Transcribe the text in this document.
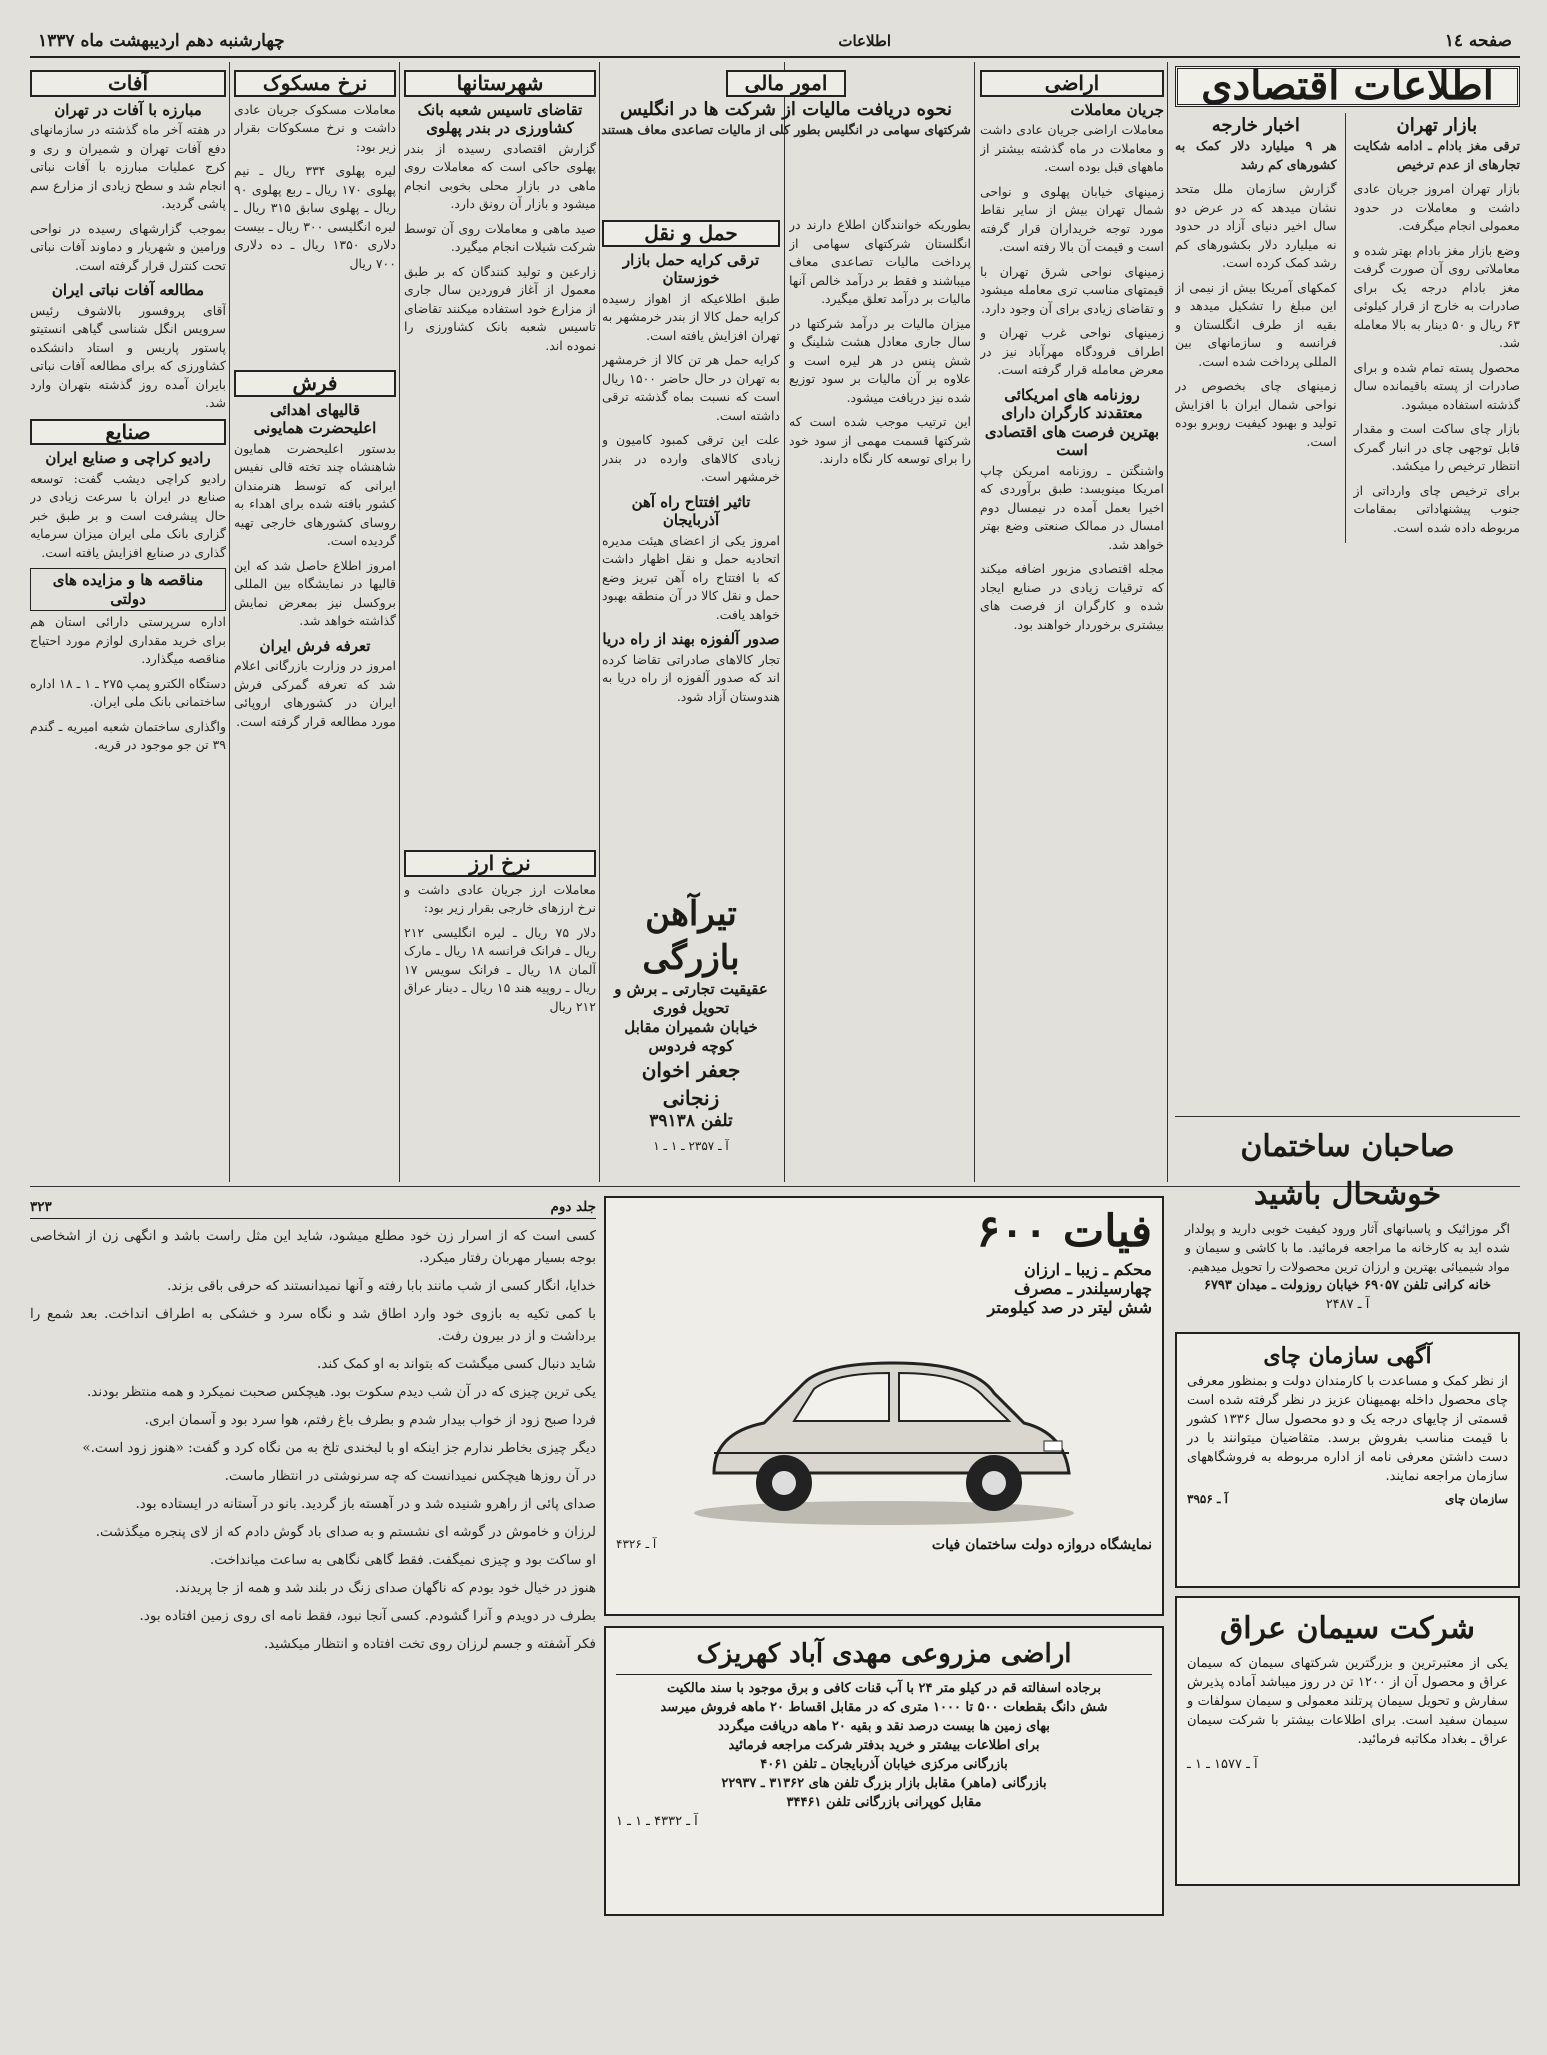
صفحه ١٤
اطلاعات
چهارشنبه دهم اردیبهشت ماه ١٣٣٧
اطلاعات اقتصادی
بازار تهران
ترقی مغز بادام ـ ادامه شکایت تجارهای از عدم ترخیص
بازار تهران امروز جریان عادی داشت و معاملات در حدود معمولی انجام میگرفت.
وضع بازار مغز بادام بهتر شده و معاملاتی روی آن صورت گرفت مغز بادام درجه یک برای صادرات به خارج از قرار کیلوئی ۶۳ ریال و ۵۰ دینار به بالا معامله شد.
محصول پسته تمام شده و برای صادرات از پسته باقیمانده سال گذشته استفاده میشود.
بازار چای ساکت است و مقدار قابل توجهی چای در انبار گمرک انتظار ترخیص را میکشد.
برای ترخیص چای وارداتی از جنوب پیشنهاداتی بمقامات مربوطه داده شده است.
اخبار خارجه
هر ۹ میلیارد دلار کمک به کشورهای کم رشد
گزارش سازمان ملل متحد نشان میدهد که در عرض دو سال اخیر دنیای آزاد در حدود نه میلیارد دلار بکشورهای کم رشد کمک کرده است.
کمکهای آمریکا بیش از نیمی از این مبلغ را تشکیل میدهد و بقیه از طرف انگلستان و فرانسه و سازمانهای بین المللی پرداخت شده است.
زمینهای چای بخصوص در نواحی شمال ایران با افزایش تولید و بهبود کیفیت روبرو بوده است.
اراضی
جریان معاملات
معاملات اراضی جریان عادی داشت و معاملات در ماه گذشته بیشتر از ماههای قبل بوده است.
زمینهای خیابان پهلوی و نواحی شمال تهران بیش از سایر نقاط مورد توجه خریداران قرار گرفته است و قیمت آن بالا رفته است.
زمینهای نواحی شرق تهران با قیمتهای مناسب تری معامله میشود و تقاضای زیادی برای آن وجود دارد.
زمینهای نواحی غرب تهران و اطراف فرودگاه مهرآباد نیز در معرض معامله قرار گرفته است.
روزنامه های امریکائی معتقدند کارگران دارای بهترین فرصت های اقتصادی است
واشنگتن ـ روزنامه امریکن چاپ امریکا مینویسد: طبق برآوردی که اخیرا بعمل آمده در نیمسال دوم امسال در ممالک صنعتی وضع بهتر خواهد شد.
مجله اقتصادی مزبور اضافه میکند که ترقیات زیادی در صنایع ایجاد شده و کارگران از فرصت های بیشتری برخوردار خواهند بود.
امور مالی
نحوه دریافت مالیات از شرکت ها در انگلیس
شرکتهای سهامی در انگلیس بطور کلی از مالیات تصاعدی معاف هستند
بطوریکه خوانندگان اطلاع دارند در انگلستان شرکتهای سهامی از پرداخت مالیات تصاعدی معاف میباشند و فقط بر درآمد خالص آنها مالیات بر درآمد تعلق میگیرد.
میزان مالیات بر درآمد شرکتها در سال جاری معادل هشت شلینگ و شش پنس در هر لیره است و علاوه بر آن مالیات بر سود توزیع شده نیز دریافت میشود.
این ترتیب موجب شده است که شرکتها قسمت مهمی از سود خود را برای توسعه کار نگاه دارند.
حمل و نقل
ترقی کرایه حمل بازار خوزستان
طبق اطلاعیکه از اهواز رسیده کرایه حمل کالا از بندر خرمشهر به تهران افزایش یافته است.
کرایه حمل هر تن کالا از خرمشهر به تهران در حال حاضر ۱۵۰۰ ریال است که نسبت بماه گذشته ترقی داشته است.
علت این ترقی کمبود کامیون و زیادی کالاهای وارده در بندر خرمشهر است.
تاثیر افتتاح راه آهن آذربایجان
امروز یکی از اعضای هیئت مدیره اتحادیه حمل و نقل اظهار داشت که با افتتاح راه آهن تبریز وضع حمل و نقل کالا در آن منطقه بهبود خواهد یافت.
صدور آلفوزه بهند از راه دریا
تجار کالاهای صادراتی تقاضا کرده اند که صدور آلفوزه از راه دریا به هندوستان آزاد شود.
تیرآهن بازرگی
عقیقیت تجارتی ـ برش و تحویل فوری
خیابان شمیران مقابل کوچه فردوس
جعفر اخوان زنجانی
تلفن ۳۹۱۳۸
آ ـ ۲۳۵۷ ـ ۱ ـ ۱
شهرستانها
تقاضای تاسیس شعبه بانک کشاورزی در بندر پهلوی
گزارش اقتصادی رسیده از بندر پهلوی حاکی است که معاملات روی ماهی در بازار محلی بخوبی انجام میشود و بازار آن رونق دارد.
صید ماهی و معاملات روی آن توسط شرکت شیلات انجام میگیرد.
زارعین و تولید کنندگان که بر طبق معمول از آغاز فروردین سال جاری از مزارع خود استفاده میکنند تقاضای تاسیس شعبه بانک کشاورزی را نموده اند.
نرخ ارز
معاملات ارز جریان عادی داشت و نرخ ارزهای خارجی بقرار زیر بود:
دلار ۷۵ ریال ـ لیره انگلیسی ۲۱۲ ریال ـ فرانک فرانسه ۱۸ ریال ـ مارک آلمان ۱۸ ریال ـ فرانک سویس ۱۷ ریال ـ روپیه هند ۱۵ ریال ـ دینار عراق ۲۱۲ ریال
نرخ مسکوک
معاملات مسکوک جریان عادی داشت و نرخ مسکوکات بقرار زیر بود:
لیره پهلوی ۳۳۴ ریال ـ نیم پهلوی ۱۷۰ ریال ـ ربع پهلوی ۹۰ ریال ـ پهلوی سابق ۳۱۵ ریال ـ لیره انگلیسی ۳۰۰ ریال ـ بیست دلاری ۱۳۵۰ ریال ـ ده دلاری ۷۰۰ ریال
فرش
قالیهای اهدائی اعلیحضرت همایونی
بدستور اعلیحضرت همایون شاهنشاه چند تخته قالی نفیس ایرانی که توسط هنرمندان کشور بافته شده برای اهداء به روسای کشورهای خارجی تهیه گردیده است.
امروز اطلاع حاصل شد که این قالیها در نمایشگاه بین المللی بروکسل نیز بمعرض نمایش گذاشته خواهد شد.
تعرفه فرش ایران
امروز در وزارت بازرگانی اعلام شد که تعرفه گمرکی فرش ایران در کشورهای اروپائی مورد مطالعه قرار گرفته است.
آفات
مبارزه با آفات در تهران
در هفته آخر ماه گذشته در سازمانهای دفع آفات تهران و شمیران و ری و کرج عملیات مبارزه با آفات نباتی انجام شد و سطح زیادی از مزارع سم پاشی گردید.
بموجب گزارشهای رسیده در نواحی ورامین و شهریار و دماوند آفات نباتی تحت کنترل قرار گرفته است.
مطالعه آفات نباتی ایران
آقای پروفسور بالاشوف رئیس سرویس انگل شناسی گیاهی انستیتو پاستور پاریس و استاد دانشکده کشاورزی که برای مطالعه آفات نباتی بایران آمده روز گذشته بتهران وارد شد.
صنایع
رادیو کراچی و صنایع ایران
رادیو کراچی دیشب گفت: توسعه صنایع در ایران با سرعت زیادی در حال پیشرفت است و بر طبق خبر گزاری بانک ملی ایران میزان سرمایه گذاری در صنایع افزایش یافته است.
مناقصه ها و مزایده های دولتی
اداره سرپرستی دارائی استان هم برای خرید مقداری لوازم مورد احتیاج مناقصه میگذارد.
دستگاه الکترو پمپ ۲۷۵ ـ ۱ ـ ۱۸ اداره ساختمانی بانک ملی ایران.
واگذاری ساختمان شعبه امیریه ـ گندم ۳۹ تن جو موجود در قریه.
صاحبان ساختمان خوشحال باشید
اگر موزائیک و پاسبانهای آثار ورود کیفیت خوبی دارید و پولدار شده اید به کارخانه ما مراجعه فرمائید. ما با کاشی و سیمان و مواد شیمیائی بهترین و ارزان ترین محصولات را تحویل میدهیم.
خانه کرانی تلفن ۶۹۰۵۷ خیابان روزولت ـ میدان ۶۷۹۳
آ ـ ۲۴۸۷
آگهی سازمان چای
از نظر کمک و مساعدت با کارمندان دولت و بمنظور معرفی چای محصول داخله بهمیهنان عزیز در نظر گرفته شده است قسمتی از چایهای درجه یک و دو محصول سال ۱۳۳۶ کشور با قیمت مناسب بفروش برسد. متقاضیان میتوانند با در دست داشتن معرفی نامه از اداره مربوطه به فروشگاههای سازمان مراجعه نمایند.
سازمان چای
آ ـ ۳۹۵۶
شرکت سیمان عراق
یکی از معتبرترین و بزرگترین شرکتهای سیمان که سیمان عراق و محصول آن از ۱۲۰۰ تن در روز میباشد آماده پذیرش سفارش و تحویل سیمان پرتلند معمولی و سیمان سولفات و سیمان سفید است. برای اطلاعات بیشتر با شرکت سیمان عراق ـ بغداد مکاتبه فرمائید.
آ ـ ۱۵۷۷ ـ ۱ ـ
فیات ۶۰۰
محکم ـ زیبا ـ ارزان
چهارسیلندر ـ مصرف
شش لیتر در صد کیلومتر
نمایشگاه دروازه دولت ساختمان فیات
آ ـ ۴۳۲۶
اراضی مزروعی مهدی آباد کهریزک
برجاده اسفالته قم در کیلو متر ۲۴ با آب قنات کافی و برق موجود با سند مالکیت
شش دانگ بقطعات ۵۰۰ تا ۱۰۰۰ متری که در مقابل اقساط ۲۰ ماهه فروش میرسد
بهای زمین ها بیست درصد نقد و بقیه ۲۰ ماهه دریافت میگردد
برای اطلاعات بیشتر و خرید بدفتر شرکت مراجعه فرمائید
بازرگانی مرکزی خیابان آذربایجان ـ تلفن ۴۰۶۱
بازرگانی (ماهر) مقابل بازار بزرگ تلفن های ۳۱۳۶۲ ـ ۲۲۹۳۷
مقابل کوپرانی بازرگانی تلفن ۳۴۴۶۱
آ ـ ۴۳۳۲ ـ ۱ ـ ۱
جلد دوم
٣٢٣
کسی است که از اسرار زن خود مطلع میشود، شاید این مثل راست باشد و انگهی زن از اشخاصی بوجه بسیار مهربان رفتار میکرد.
خدایا، انگار کسی از شب مانند بابا رفته و آنها نمیدانستند که حرفی باقی بزند.
با کمی تکیه به بازوی خود وارد اطاق شد و نگاه سرد و خشکی به اطراف انداخت. بعد شمع را برداشت و از در بیرون رفت.
شاید دنبال کسی میگشت که بتواند به او کمک کند.
یکی ترین چیزی که در آن شب دیدم سکوت بود. هیچکس صحبت نمیکرد و همه منتظر بودند.
فردا صبح زود از خواب بیدار شدم و بطرف باغ رفتم، هوا سرد بود و آسمان ابری.
دیگر چیزی بخاطر ندارم جز اینکه او با لبخندی تلخ به من نگاه کرد و گفت: «هنوز زود است.»
در آن روزها هیچکس نمیدانست که چه سرنوشتی در انتظار ماست.
صدای پائی از راهرو شنیده شد و در آهسته باز گردید. بانو در آستانه در ایستاده بود.
لرزان و خاموش در گوشه ای نشستم و به صدای باد گوش دادم که از لای پنجره میگذشت.
او ساکت بود و چیزی نمیگفت. فقط گاهی نگاهی به ساعت میانداخت.
هنوز در خیال خود بودم که ناگهان صدای زنگ در بلند شد و همه از جا پریدند.
بطرف در دویدم و آنرا گشودم. کسی آنجا نبود، فقط نامه ای روی زمین افتاده بود.
فکر آشفته و جسم لرزان روی تخت افتاده و انتظار میکشید.
